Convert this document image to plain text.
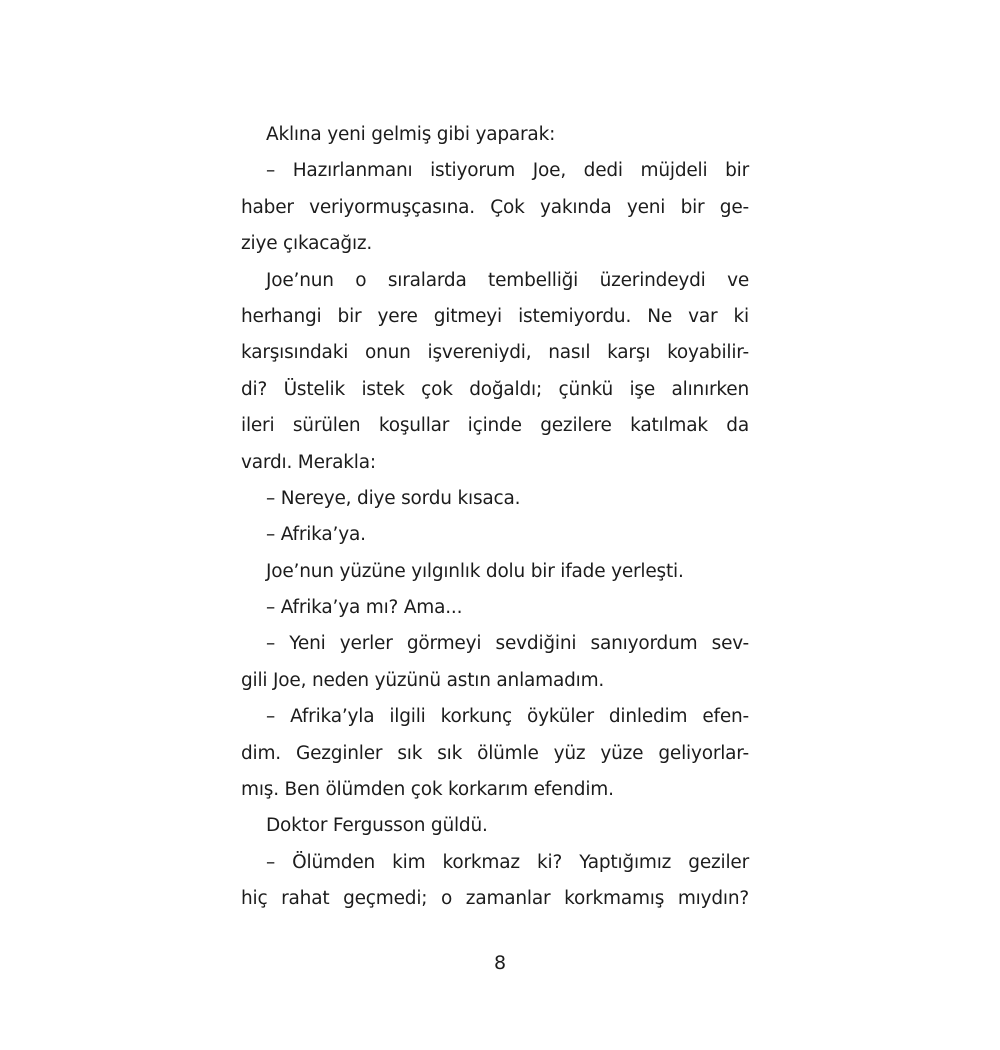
Aklına yeni gelmiş gibi yaparak:
– Hazırlanmanı istiyorum Joe, dedi müjdeli bir
haber veriyormuşçasına. Çok yakında yeni bir ge-
ziye çıkacağız.
Joe’nun o sıralarda tembelliği üzerindeydi ve
herhangi bir yere gitmeyi istemiyordu. Ne var ki
karşısındaki onun işvereniydi, nasıl karşı koyabilir-
di? Üstelik istek çok doğaldı; çünkü işe alınırken
ileri sürülen koşullar içinde gezilere katılmak da
vardı. Merakla:
– Nereye, diye sordu kısaca.
– Afrika’ya.
Joe’nun yüzüne yılgınlık dolu bir ifade yerleşti.
– Afrika’ya mı? Ama...
– Yeni yerler görmeyi sevdiğini sanıyordum sev-
gili Joe, neden yüzünü astın anlamadım.
– Afrika’yla ilgili korkunç öyküler dinledim efen-
dim. Gezginler sık sık ölümle yüz yüze geliyorlar-
mış. Ben ölümden çok korkarım efendim.
Doktor Fergusson güldü.
– Ölümden kim korkmaz ki? Yaptığımız geziler
hiç rahat geçmedi; o zamanlar korkmamış mıydın?
8
